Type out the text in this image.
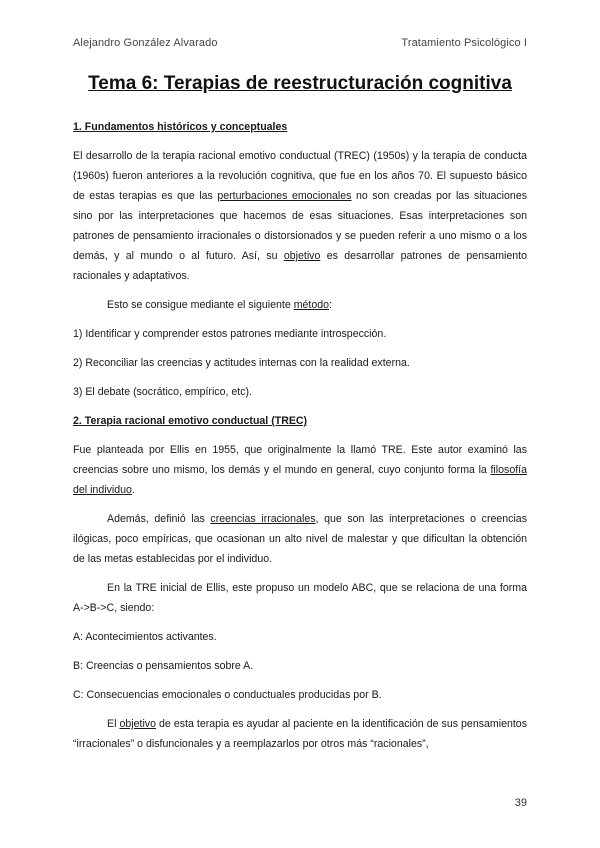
Alejandro González Alvarado	Tratamiento Psicológico I
Tema 6: Terapias de reestructuración cognitiva

1. Fundamentos históricos y conceptuales

El desarrollo de la terapia racional emotivo conductual (TREC) (1950s) y la terapia de conducta (1960s) fueron anteriores a la revolución cognitiva, que fue en los años 70. El supuesto básico de estas terapias es que las perturbaciones emocionales no son creadas por las situaciones sino por las interpretaciones que hacemos de esas situaciones. Esas interpretaciones son patrones de pensamiento irracionales o distorsionados y se pueden referir a uno mismo o a los demás, y al mundo o al futuro. Así, su objetivo es desarrollar patrones de pensamiento racionales y adaptativos.

Esto se consigue mediante el siguiente método:

1) Identificar y comprender estos patrones mediante introspección.

2) Reconciliar las creencias y actitudes internas con la realidad externa.

3) El debate (socrático, empírico, etc).

2. Terapia racional emotivo conductual (TREC)

Fue planteada por Ellis en 1955, que originalmente la llamó TRE. Este autor examinó las creencias sobre uno mismo, los demás y el mundo en general, cuyo conjunto forma la filosofía del individuo.

Además, definió las creencias irracionales, que son las interpretaciones o creencias ilógicas, poco empíricas, que ocasionan un alto nivel de malestar y que dificultan la obtención de las metas establecidas por el individuo.

En la TRE inicial de Ellis, este propuso un modelo ABC, que se relaciona de una forma A->B->C, siendo:

A: Acontecimientos activantes.

B: Creencias o pensamientos sobre A.

C: Consecuencias emocionales o conductuales producidas por B.

El objetivo de esta terapia es ayudar al paciente en la identificación de sus pensamientos “irracionales” o disfuncionales y a reemplazarlos por otros más “racionales”,

39
